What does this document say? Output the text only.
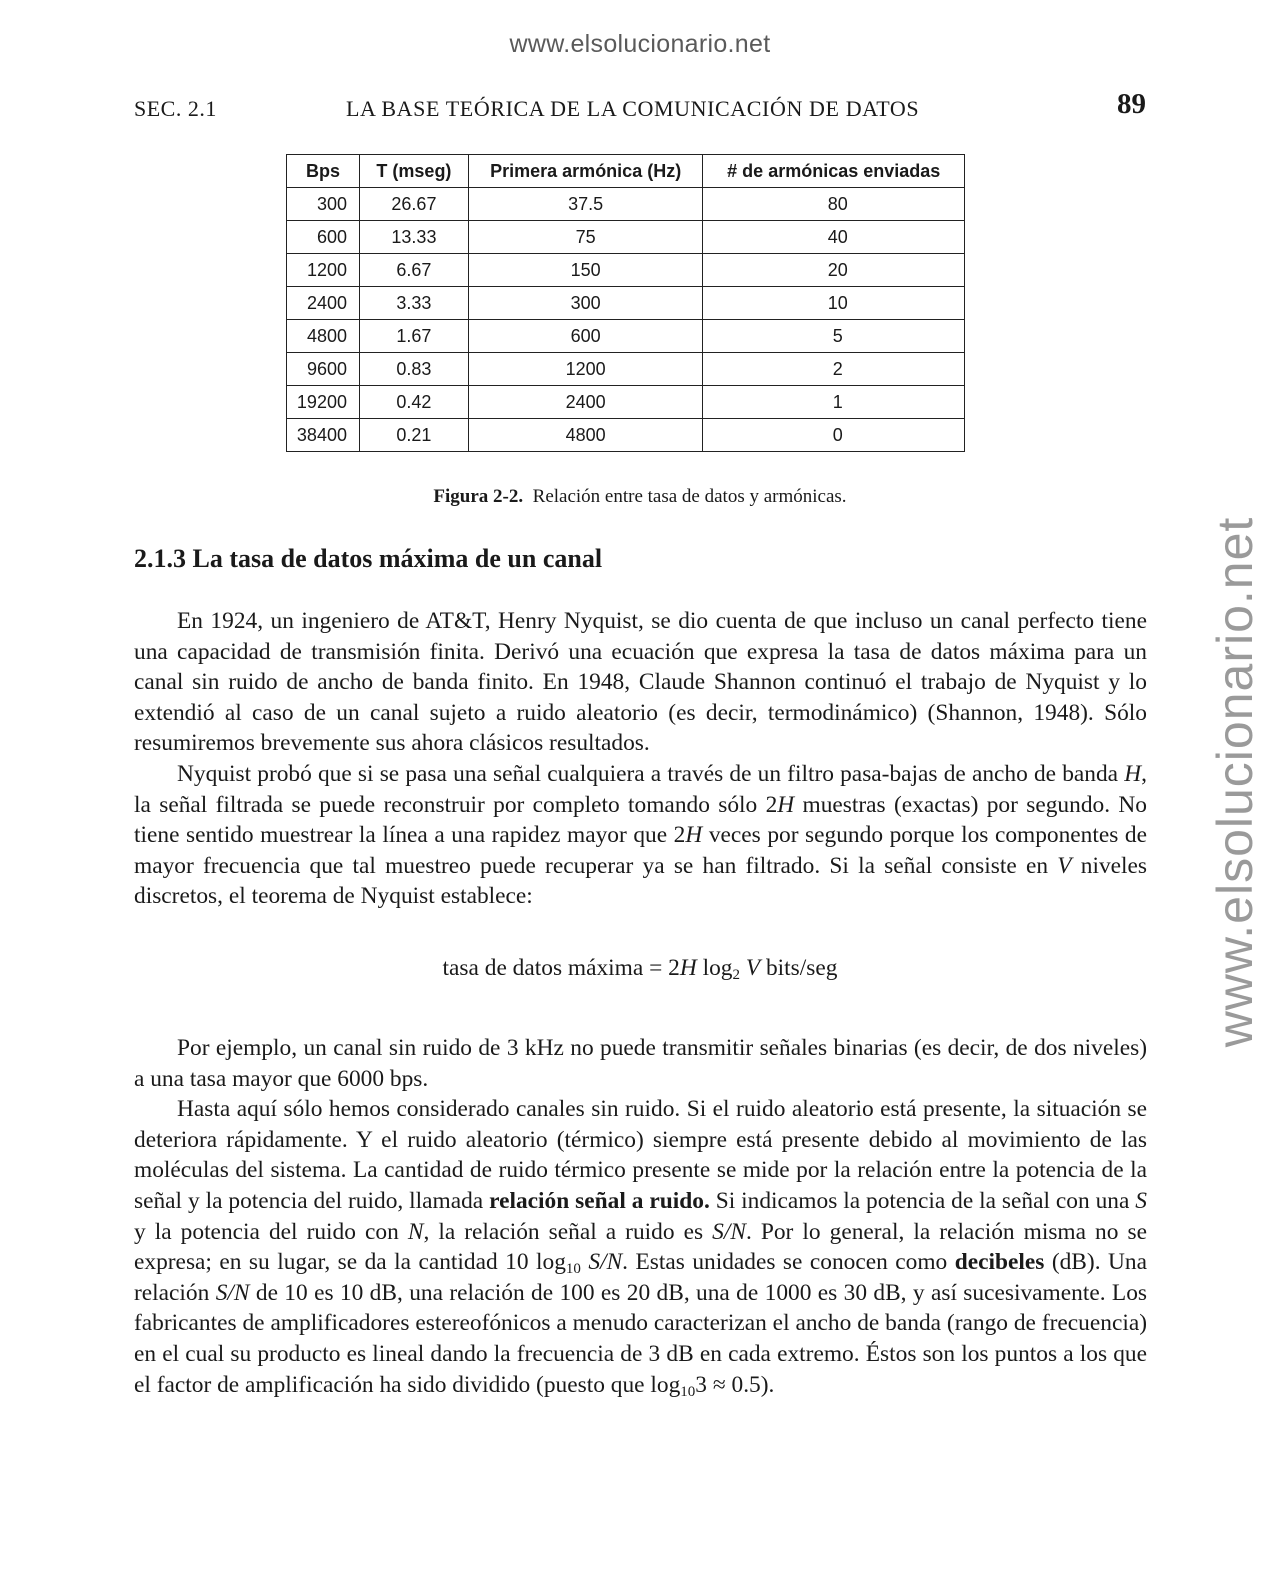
www.elsolucionario.net
www.elsolucionario.net
SEC. 2.1	LA BASE TEÓRICA DE LA COMUNICACIÓN DE DATOS	89
Bps	T (mseg)	Primera armónica (Hz)	# de armónicas enviadas
300	26.67	37.5	80
600	13.33	75	40
1200	6.67	150	20
2400	3.33	300	10
4800	1.67	600	5
9600	0.83	1200	2
19200	0.42	2400	1
38400	0.21	4800	0
Figura 2-2. Relación entre tasa de datos y armónicas.
2.1.3 La tasa de datos máxima de un canal

En 1924, un ingeniero de AT&T, Henry Nyquist, se dio cuenta de que incluso un canal perfecto tiene una capacidad de transmisión finita. Derivó una ecuación que expresa la tasa de datos máxima para un canal sin ruido de ancho de banda finito. En 1948, Claude Shannon continuó el trabajo de Nyquist y lo extendió al caso de un canal sujeto a ruido aleatorio (es decir, termodinámico) (Shannon, 1948). Sólo resumiremos brevemente sus ahora clásicos resultados.

Nyquist probó que si se pasa una señal cualquiera a través de un filtro pasa-bajas de ancho de banda H, la señal filtrada se puede reconstruir por completo tomando sólo 2H muestras (exactas) por segundo. No tiene sentido muestrear la línea a una rapidez mayor que 2H veces por segundo porque los componentes de mayor frecuencia que tal muestreo puede recuperar ya se han filtrado. Si la señal consiste en V niveles discretos, el teorema de Nyquist establece:

tasa de datos máxima = 2H $\log_2 V$ bits/seg

Por ejemplo, un canal sin ruido de 3 kHz no puede transmitir señales binarias (es decir, de dos niveles) a una tasa mayor que 6000 bps.

Hasta aquí sólo hemos considerado canales sin ruido. Si el ruido aleatorio está presente, la situación se deteriora rápidamente. Y el ruido aleatorio (térmico) siempre está presente debido al movimiento de las moléculas del sistema. La cantidad de ruido térmico presente se mide por la relación entre la potencia de la señal y la potencia del ruido, llamada relación señal a ruido. Si indicamos la potencia de la señal con una S y la potencia del ruido con N, la relación señal a ruido es S/N. Por lo general, la relación misma no se expresa; en su lugar, se da la cantidad 10 $\log_{10} S/N$. Estas unidades se conocen como decibeles (dB). Una relación S/N de 10 es 10 dB, una relación de 100 es 20 dB, una de 1000 es 30 dB, y así sucesivamente. Los fabricantes de amplificadores estereofónicos a menudo caracterizan el ancho de banda (rango de frecuencia) en el cual su producto es lineal dando la frecuencia de 3 dB en cada extremo. Éstos son los puntos a los que el factor de amplificación ha sido dividido (puesto que $\log_{10}3 \approx 0.5$).
